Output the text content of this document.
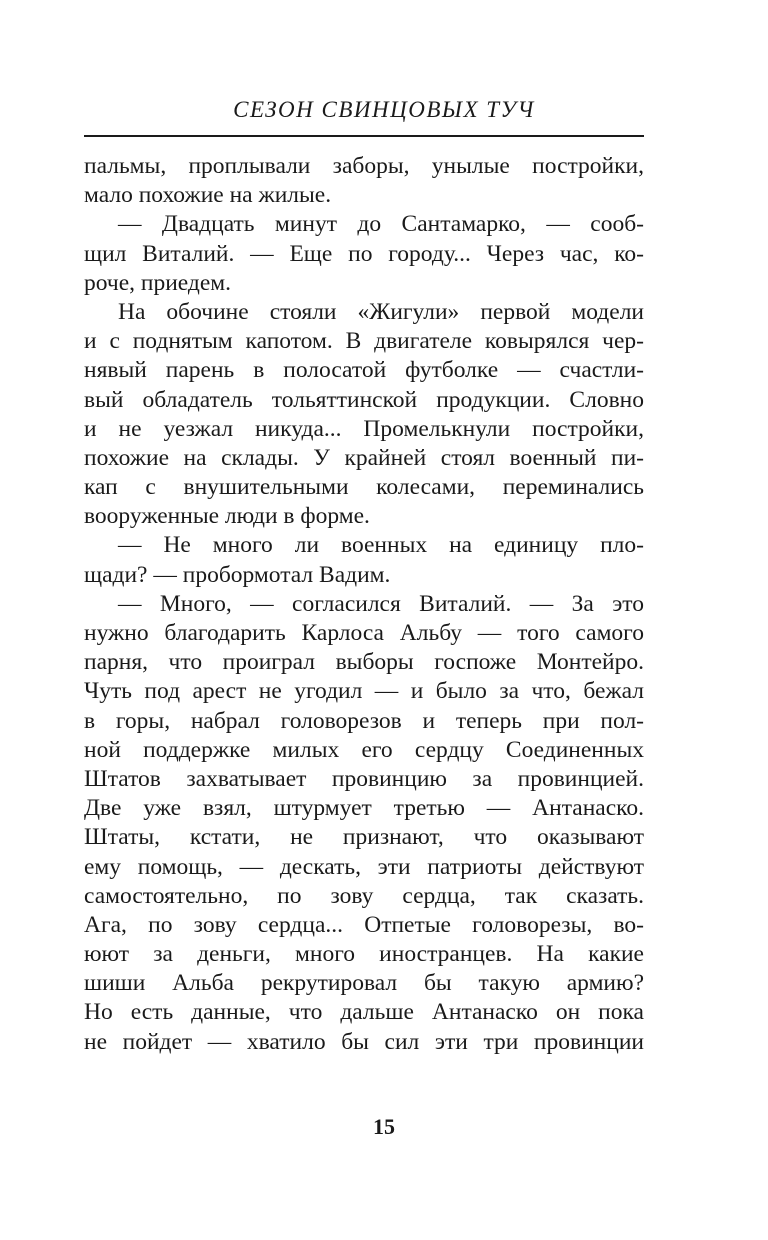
СЕЗОН СВИНЦОВЫХ ТУЧ
пальмы, проплывали заборы, унылые постройки,
мало похожие на жилые.
— Двадцать минут до Сантамарко, — сооб-
щил Виталий. — Еще по городу... Через час, ко-
роче, приедем.
На обочине стояли «Жигули» первой модели
и с поднятым капотом. В двигателе ковырялся чер-
нявый парень в полосатой футболке — счастли-
вый обладатель тольяттинской продукции. Словно
и не уезжал никуда... Промелькнули постройки,
похожие на склады. У крайней стоял военный пи-
кап с внушительными колесами, переминались
вооруженные люди в форме.
— Не много ли военных на единицу пло-
щади? — пробормотал Вадим.
— Много, — согласился Виталий. — За это
нужно благодарить Карлоса Альбу — того самого
парня, что проиграл выборы госпоже Монтейро.
Чуть под арест не угодил — и было за что, бежал
в горы, набрал головорезов и теперь при пол-
ной поддержке милых его сердцу Соединенных
Штатов захватывает провинцию за провинцией.
Две уже взял, штурмует третью — Антанаско.
Штаты, кстати, не признают, что оказывают
ему помощь, — дескать, эти патриоты действуют
самостоятельно, по зову сердца, так сказать.
Ага, по зову сердца... Отпетые головорезы, во-
юют за деньги, много иностранцев. На какие
шиши Альба рекрутировал бы такую армию?
Но есть данные, что дальше Антанаско он пока
не пойдет — хватило бы сил эти три провинции
15
